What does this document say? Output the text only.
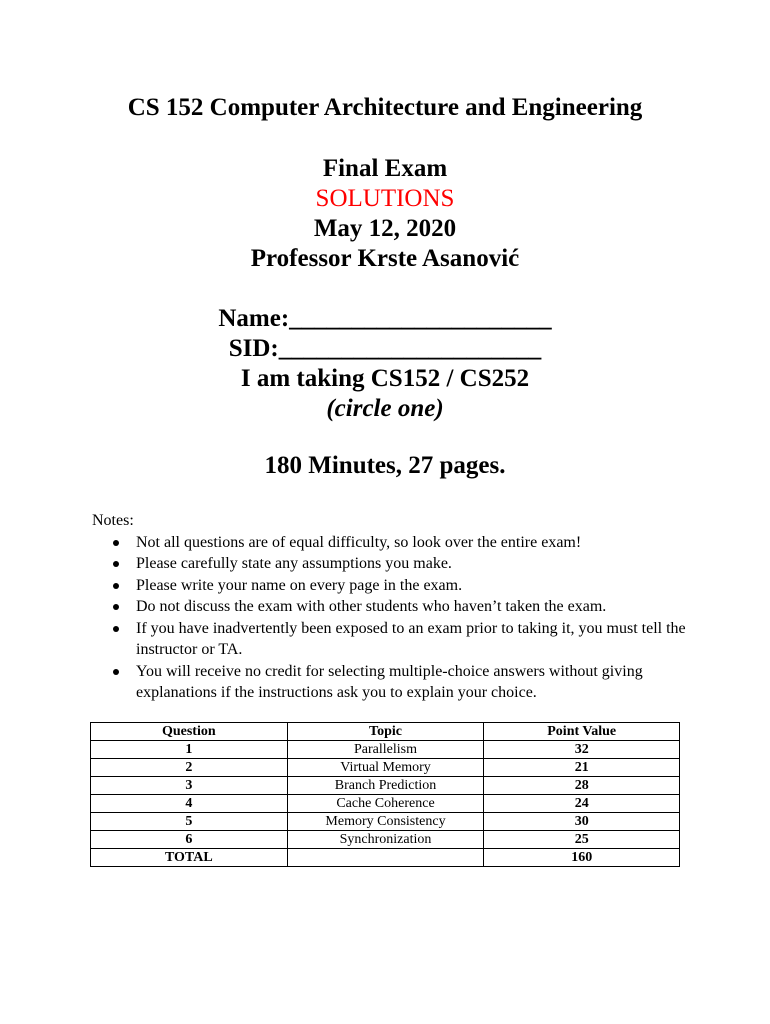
CS 152 Computer Architecture and Engineering
Final Exam
SOLUTIONS
May 12, 2020
Professor Krste Asanović
Name:_____________________
SID:_____________________
I am taking CS152 / CS252
(circle one)
180 Minutes, 27 pages.
Notes:
Not all questions are of equal difficulty, so look over the entire exam!
Please carefully state any assumptions you make.
Please write your name on every page in the exam.
Do not discuss the exam with other students who haven’t taken the exam.
If you have inadvertently been exposed to an exam prior to taking it, you must tell the instructor or TA.
You will receive no credit for selecting multiple-choice answers without giving explanations if the instructions ask you to explain your choice.
Question	Topic	Point Value
1	Parallelism	32
2	Virtual Memory	21
3	Branch Prediction	28
4	Cache Coherence	24
5	Memory Consistency	30
6	Synchronization	25
TOTAL		160
